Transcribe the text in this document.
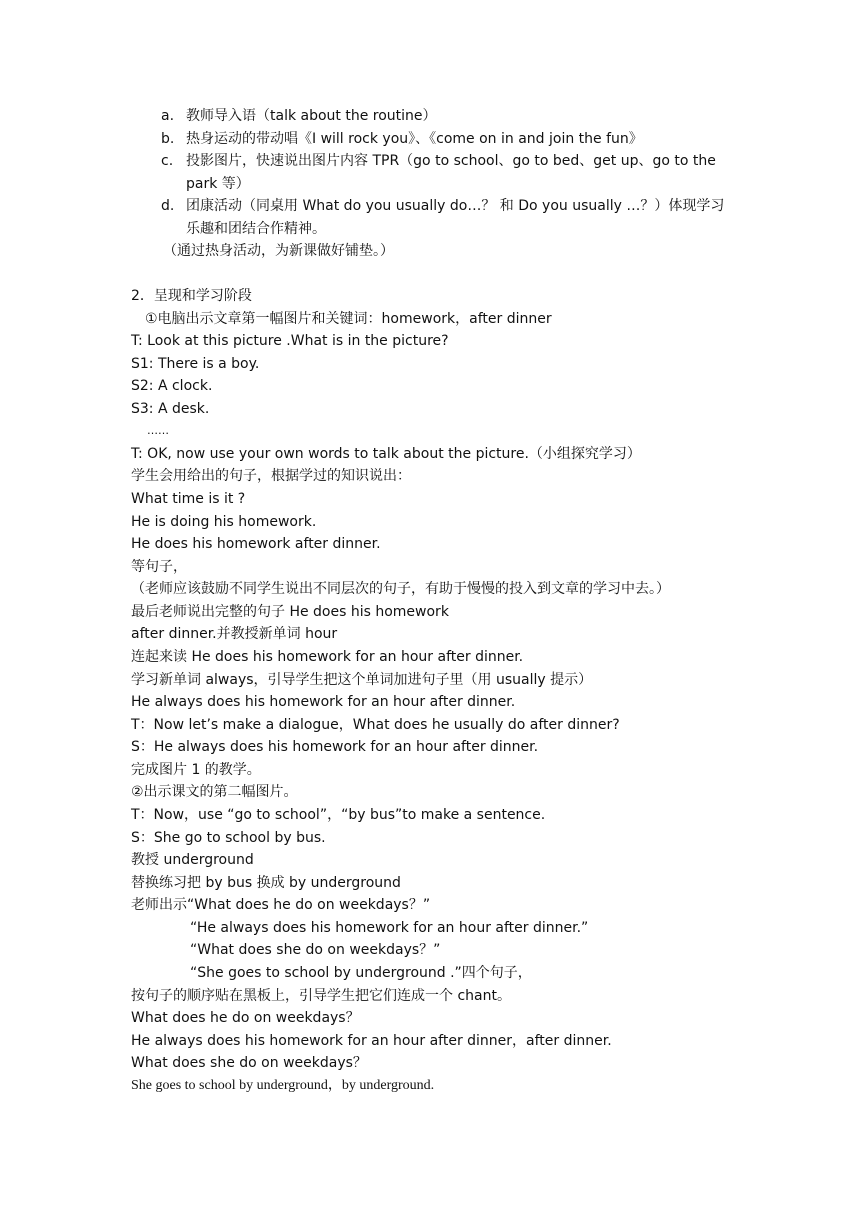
a. 教师导入语（talk about the routine）
b. 热身运动的带动唱《I will rock you》、《come on in and join the fun》
c. 投影图片，快速说出图片内容 TPR（go to school、go to bed、get up、go to the
park 等）
d. 团康活动（同桌用 What do you usually do…？ 和 Do you usually …？）体现学习
乐趣和团结合作精神。
（通过热身活动，为新课做好铺垫。）
2．呈现和学习阶段
①电脑出示文章第一幅图片和关键词：homework，after dinner
T: Look at this picture .What is in the picture?
S1: There is a boy.
S2: A clock.
S3: A desk.
……
T: OK, now use your own words to talk about the picture.（小组探究学习）
学生会用给出的句子，根据学过的知识说出：
What time is it ?
He is doing his homework.
He does his homework after dinner.
等句子，
（老师应该鼓励不同学生说出不同层次的句子，有助于慢慢的投入到文章的学习中去。）
最后老师说出完整的句子 He does his homework
after dinner.并教授新单词 hour
连起来读 He does his homework for an hour after dinner.
学习新单词 always，引导学生把这个单词加进句子里（用 usually 提示）
He always does his homework for an hour after dinner.
T：Now let’s make a dialogue，What does he usually do after dinner?
S：He always does his homework for an hour after dinner.
完成图片 1 的教学。
②出示课文的第二幅图片。
T：Now，use “go to school”，“by bus”to make a sentence.
S：She go to school by bus.
教授 underground
替换练习把 by bus 换成 by underground
老师出示“What does he do on weekdays？”
“He always does his homework for an hour after dinner.”
“What does she do on weekdays？”
“She goes to school by underground .”四个句子，
按句子的顺序贴在黑板上，引导学生把它们连成一个 chant。
What does he do on weekdays？
He always does his homework for an hour after dinner，after dinner.
What does she do on weekdays？
She goes to school by underground，by underground.
